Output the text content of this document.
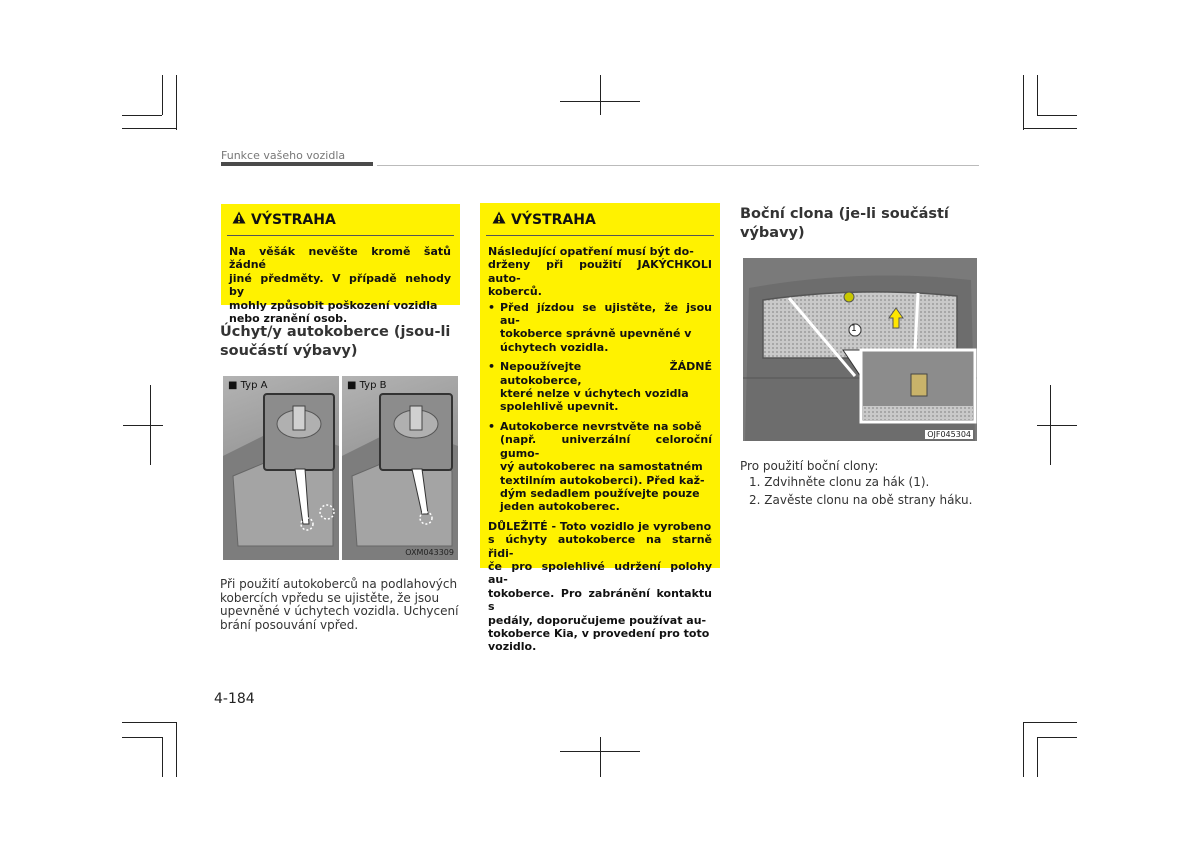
Funkce vašeho vozidla
VÝSTRAHA

Na věšák nevěšte kromě šatů žádné

jiné předměty. V případě nehody by

mohly způsobit poškození vozidla

nebo zranění osob.

Úchyt/y autokoberce (jsou-li
součástí výbavy)
■ Typ A	■ Typ B
OXM043309
Při použití autokoberců na podlahových
kobercích vpředu se ujistěte, že jsou
upevněné v úchytech vozidla. Uchycení
brání posouvání vpřed.
VÝSTRAHA

Následující opatření musí být do-

drženy při použití JAKÝCHKOLI auto-

koberců.

• Před jízdou se ujistěte, že jsou au-
tokoberce správně upevněné v
úchytech vozidla.
• Nepoužívejte ŽÁDNÉ autokoberce,
které nelze v úchytech vozidla
spolehlivě upevnit.
• Autokoberce nevrstvěte na sobě
(např. univerzální celoroční gumo-
vý autokoberec na samostatném
textilním autokoberci). Před kaž-
dým sedadlem používejte pouze
jeden autokoberec.

DŮLEŽITÉ - Toto vozidlo je vyrobeno

s úchyty autokoberce na starně řidi-

če pro spolehlivé udržení polohy au-

tokoberce. Pro zabránění kontaktu s

pedály, doporučujeme používat au-

tokoberce Kia, v provedení pro toto

vozidlo.

Boční clona (je-li součástí
výbavy)
1
OJF045304
Pro použití boční clony:
1. Zdvihněte clonu za hák (1).
2. Zavěste clonu na obě strany háku.
4-184
